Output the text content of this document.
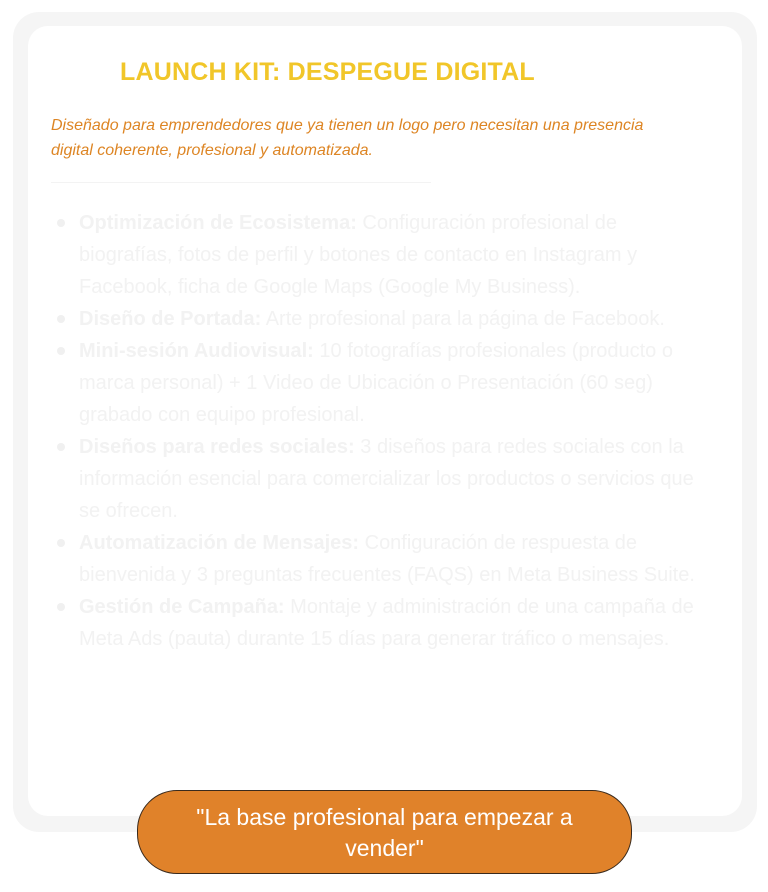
LAUNCH KIT: DESPEGUE DIGITAL
Diseñado para emprendedores que ya tienen un logo pero necesitan una presencia digital coherente, profesional y automatizada.
Optimización de Ecosistema: Configuración profesional de biografías, fotos de perfil y botones de contacto en Instagram y Facebook, ficha de Google Maps (Google My Business).
Diseño de Portada: Arte profesional para la página de Facebook.
Mini-sesión Audiovisual: 10 fotografías profesionales (producto o marca personal) + 1 Video de Ubicación o Presentación (60 seg) grabado con equipo profesional.
Diseños para redes sociales: 3 diseños para redes sociales con la información esencial para comercializar los productos o servicios que se ofrecen.
Automatización de Mensajes: Configuración de respuesta de bienvenida y 3 preguntas frecuentes (FAQS) en Meta Business Suite.
Gestión de Campaña: Montaje y administración de una campaña de Meta Ads (pauta) durante 15 días para generar tráfico o mensajes.
"La base profesional para empezar a vender"
